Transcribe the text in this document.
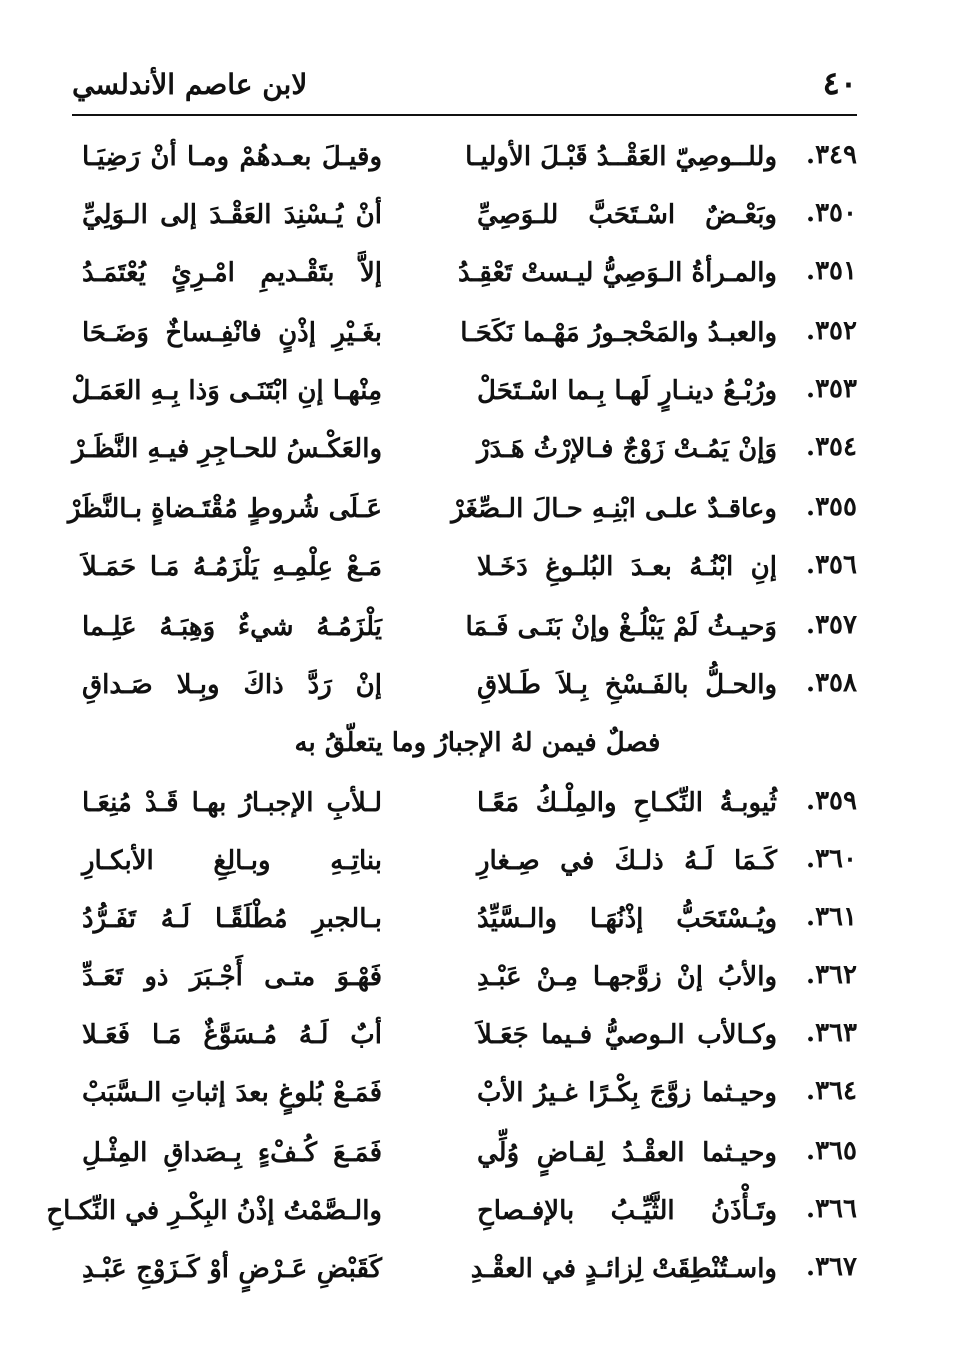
٤٠
لابن عاصم الأندلسي
٣٤٩.
وللــوصِيّ العَقْــدُ قَبْـلَ الأوليـا
وقيـلَ بعـدهُمْ ومـا أنْ رَضِيَـا
٣٥٠.
وبَعْـضٌ اسْـتَحَبَّ للـوَصِيِّ
أنْ يُـسْنِدَ العَقْـدَ إلى الـوَلِيِّ
٣٥١.
والمـرأةُ الـوَصِيُّ ليـستْ تَعْقِـدُ
إلاَّ بتَقْـديمِ امْـرِئٍ يُعْتَمَـدُ
٣٥٢.
والعبـدُ والمَحْجـورُ مَهْـما نَكَحَـا
بغَـيْرِ إذْنٍ فانْفِـساخٌ وَضَـحَا
٣٥٣.
ورُبْـعُ دينـارٍ لَهـا بِـما اسْـتَحَلْ
مِنْهـا إنِ ابْتَنَـى وَذا بِـهِ العَمَـلْ
٣٥٤.
وَإنْ يَمُـتْ زَوْجٌ فـالإرْثُ هَـدَرْ
والعَكْـسُ للحـاجِرِ فيـهِ النَّظَـرْ
٣٥٥.
وعاقـدٌ علـى ابْنِـهِ حـالَ الـصِّغَرْ
عَـلَى شُروطٍ مُقْتَـضاةٍ بـالنَّظَرْ
٣٥٦.
إنِ ابْنُـهُ بعـدَ البُلـوغِ دَخَـلا
مَـعْ عِلْمِـهِ يَلْزَمُـهُ مَـا حَمَـلاَ
٣٥٧.
وَحيـثُ لَمْ يَبْلُـغْ وإنْ بَنَـى فَـمَا
يَلْزَمُـهُ شيءٌ وَهِبَـهُ عَلِـما
٣٥٨.
والحـلُّ بالفَـسْخِ بِـلاَ طَـلاقِ
إنْ رَدَّ ذاكَ وبِـلا صَـداقِ
فصلٌ فيمن لهُ الإجبارُ وما يتعلّقُ به
٣٥٩.
ثُيوبـةُ النِّكـاحِ والمِلْـكُ مَعًـا
لـلأبِ الإجبـارُ بهـا قَـدْ مُنِعَـا
٣٦٠.
كَـمَا لَـهُ ذلـكَ في صِـغارِ
بناتِـهِ وبـالِغِ الأبكـارِ
٣٦١.
ويُـسْتَحَبُّ إذْنُهَـا والـسَّيِّدُ
بـالجبرِ مُطْلَقًـا لَـهُ تَفَـرُّدُ
٣٦٢.
والأبُ إنْ زوَّجهـا مِـنْ عَبْـدِ
فَهْـوَ متـى أَجْـبَرَ ذو تَعَـدِّ
٣٦٣.
وكـالأب الـوصيُّ فـيما جَعَـلاَ
أبٌ لَـهُ مُـسَوَّغٌ مَـا فَعَـلا
٣٦٤.
وحيـثما زوَّجَ بِكْـرًا غـيرُ الأبْ
فَمَـعْ بُلوغٍ بعدَ إثباتِ الـسَّبَبْ
٣٦٥.
وحيـثما العقْـدُ لِقـاضٍ وُلِّي
فَمَـعَ كُـفْءٍ بِـصَداقِ المِثْـلِ
٣٦٦.
وتَـأْذَنُ الثَّيِّـبُ بالإفـصاحِ
والـصَّمْتُ إذْنُ البِكْـرِ في النِّكـاحِ
٣٦٧.
واسـتُنْطِقَتْ لِزائـدٍ في العقْـدِ
كَقَبْضِ عَـرْضٍ أوْ كَـزَوْجِ عَبْـدِ
